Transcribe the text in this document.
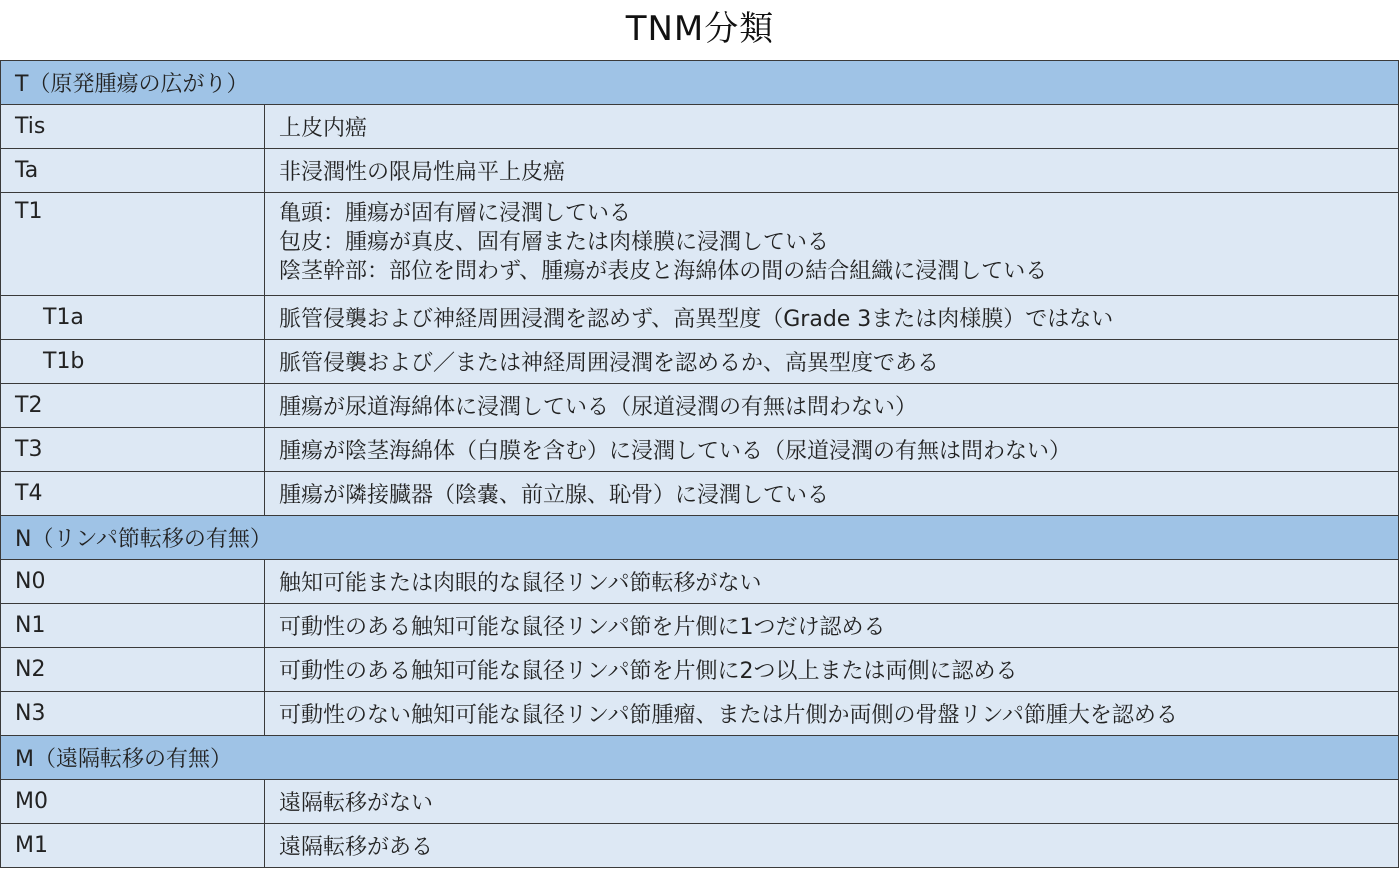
TNM分類
T（原発腫瘍の広がり）	
Tis	上皮内癌
Ta	非浸潤性の限局性扁平上皮癌
T1	亀頭：腫瘍が固有層に浸潤している
包皮：腫瘍が真皮、固有層または肉様膜に浸潤している
陰茎幹部：部位を問わず、腫瘍が表皮と海綿体の間の結合組織に浸潤している

T1a	脈管侵襲および神経周囲浸潤を認めず、高異型度（Grade 3または肉様膜）ではない
T1b	脈管侵襲および／または神経周囲浸潤を認めるか、高異型度である
T2	腫瘍が尿道海綿体に浸潤している（尿道浸潤の有無は問わない）
T3	腫瘍が陰茎海綿体（白膜を含む）に浸潤している（尿道浸潤の有無は問わない）
T4	腫瘍が隣接臓器（陰嚢、前立腺、恥骨）に浸潤している
N（リンパ節転移の有無）	
N0	触知可能または肉眼的な鼠径リンパ節転移がない
N1	可動性のある触知可能な鼠径リンパ節を片側に1つだけ認める
N2	可動性のある触知可能な鼠径リンパ節を片側に2つ以上または両側に認める
N3	可動性のない触知可能な鼠径リンパ節腫瘤、または片側か両側の骨盤リンパ節腫大を認める
M（遠隔転移の有無）	
M0	遠隔転移がない
M1	遠隔転移がある
